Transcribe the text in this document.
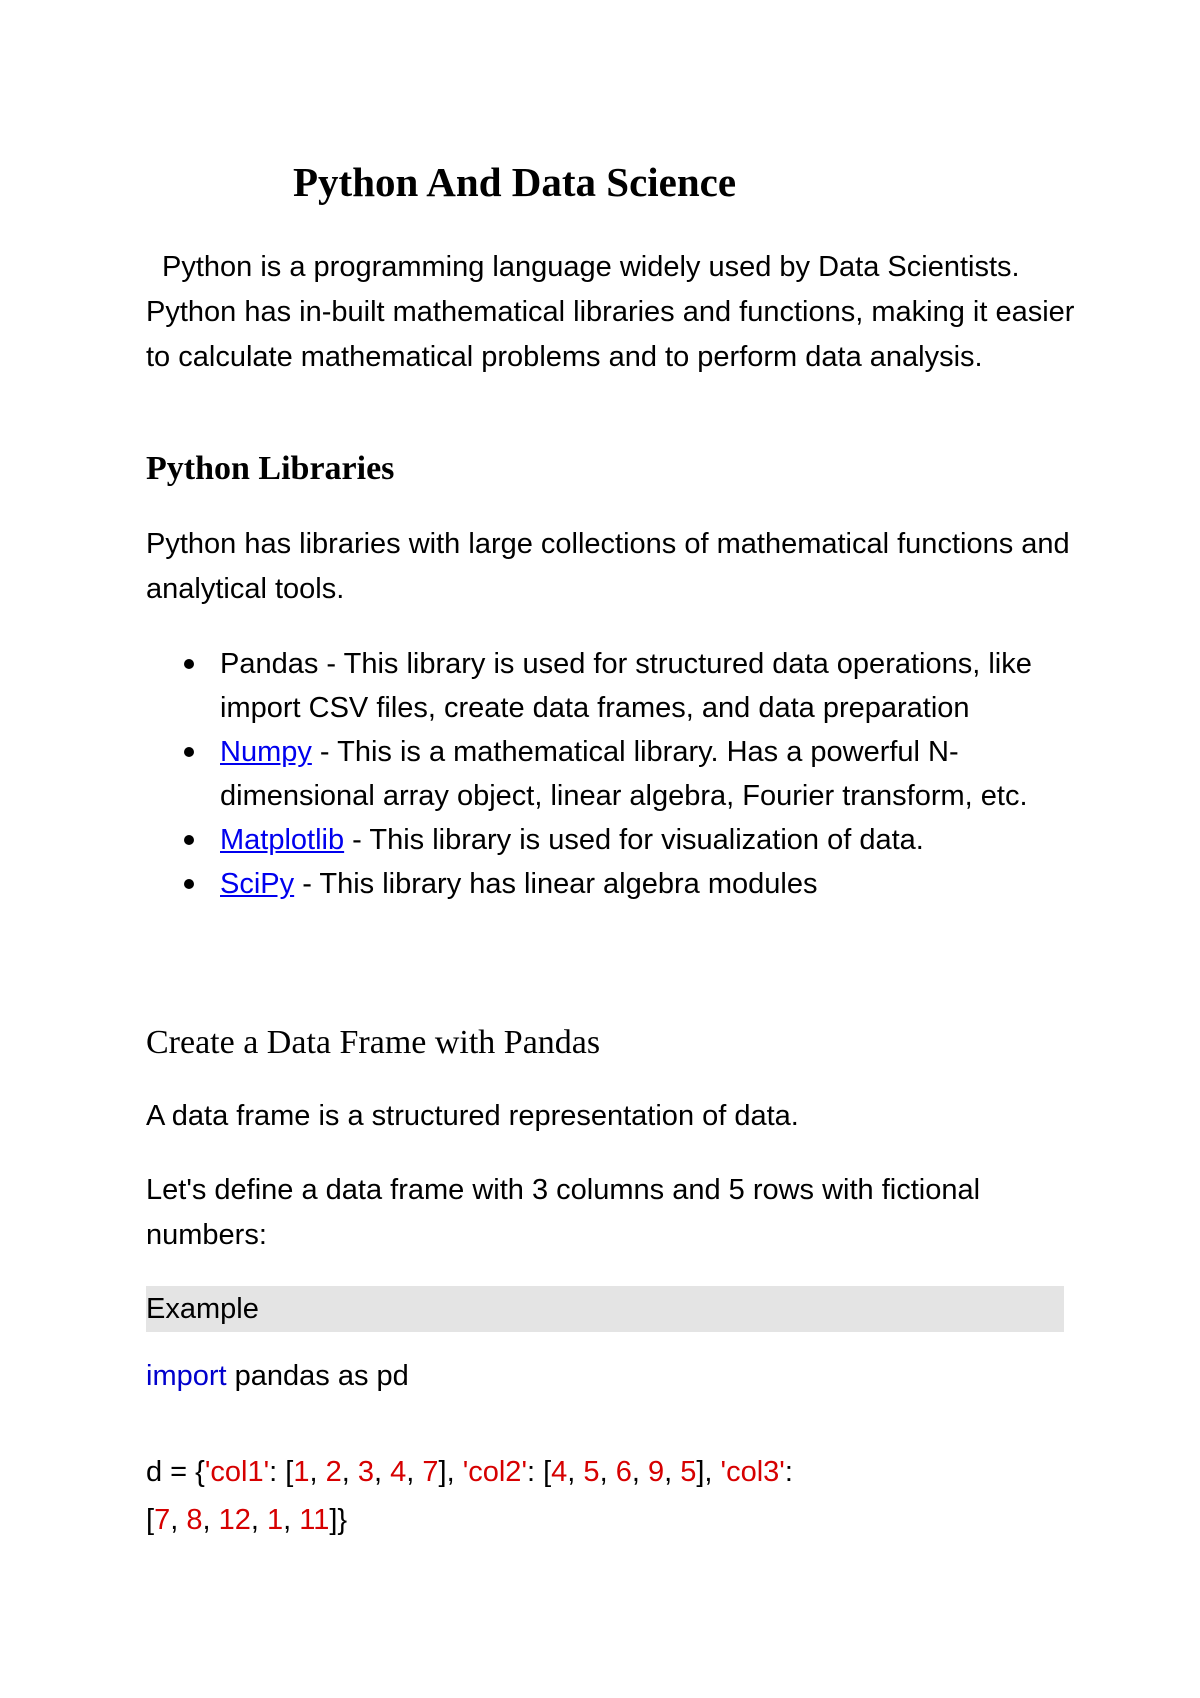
Python And Data Science
Python is a programming language widely used by Data Scientists. Python has in-built mathematical libraries and functions, making it easier to calculate mathematical problems and to perform data analysis.
Python Libraries
Python has libraries with large collections of mathematical functions and analytical tools.
Pandas - This library is used for structured data operations, like import CSV files, create data frames, and data preparation
Numpy - This is a mathematical library. Has a powerful N-dimensional array object, linear algebra, Fourier transform, etc.
Matplotlib - This library is used for visualization of data.
SciPy - This library has linear algebra modules
Create a Data Frame with Pandas
A data frame is a structured representation of data.
Let's define a data frame with 3 columns and 5 rows with fictional numbers:
Example
import pandas as pd
d = {'col1': [1, 2, 3, 4, 7], 'col2': [4, 5, 6, 9, 5], 'col3':
[7, 8, 12, 1, 11]}
